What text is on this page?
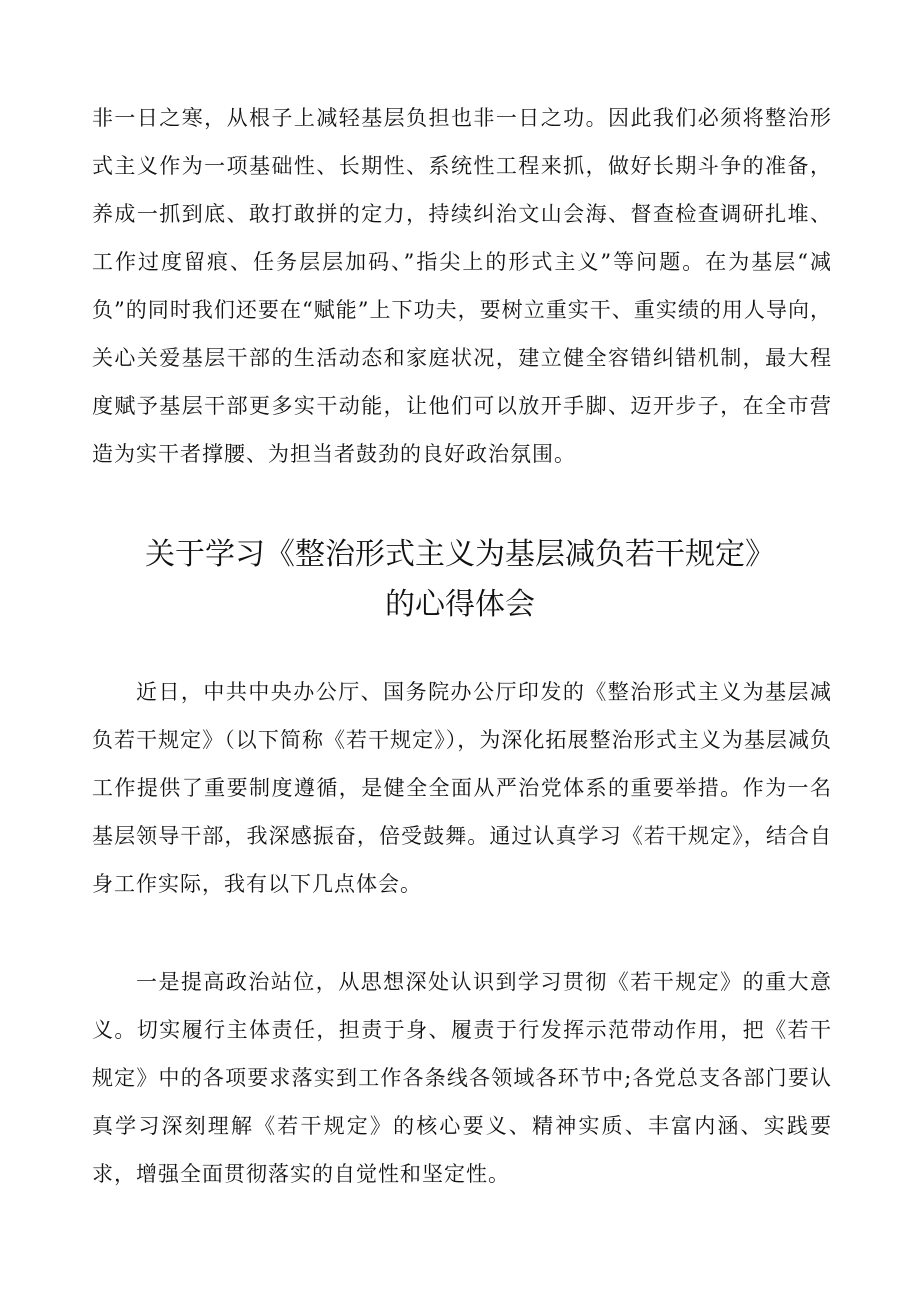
非一日之寒，从根子上减轻基层负担也非一日之功。因此我们必须将整治形式主义作为一项基础性、长期性、系统性工程来抓，做好长期斗争的准备，养成一抓到底、敢打敢拼的定力，持续纠治文山会海、督查检查调研扎堆、工作过度留痕、任务层层加码、”指尖上的形式主义”等问题。在为基层“减负”的同时我们还要在“赋能”上下功夫，要树立重实干、重实绩的用人导向，关心关爱基层干部的生活动态和家庭状况，建立健全容错纠错机制，最大程度赋予基层干部更多实干动能，让他们可以放开手脚、迈开步子，在全市营造为实干者撑腰、为担当者鼓劲的良好政治氛围。

关于学习《整治形式主义为基层减负若干规定》
的心得体会

近日，中共中央办公厅、国务院办公厅印发的《整治形式主义为基层减负若干规定》（以下简称《若干规定》），为深化拓展整治形式主义为基层减负工作提供了重要制度遵循，是健全全面从严治党体系的重要举措。作为一名基层领导干部，我深感振奋，倍受鼓舞。通过认真学习《若干规定》，结合自身工作实际，我有以下几点体会。

一是提高政治站位，从思想深处认识到学习贯彻《若干规定》的重大意义。切实履行主体责任，担责于身、履责于行发挥示范带动作用，把《若干规定》中的各项要求落实到工作各条线各领域各环节中;各党总支各部门要认真学习深刻理解《若干规定》的核心要义、精神实质、丰富内涵、实践要求，增强全面贯彻落实的自觉性和坚定性。
